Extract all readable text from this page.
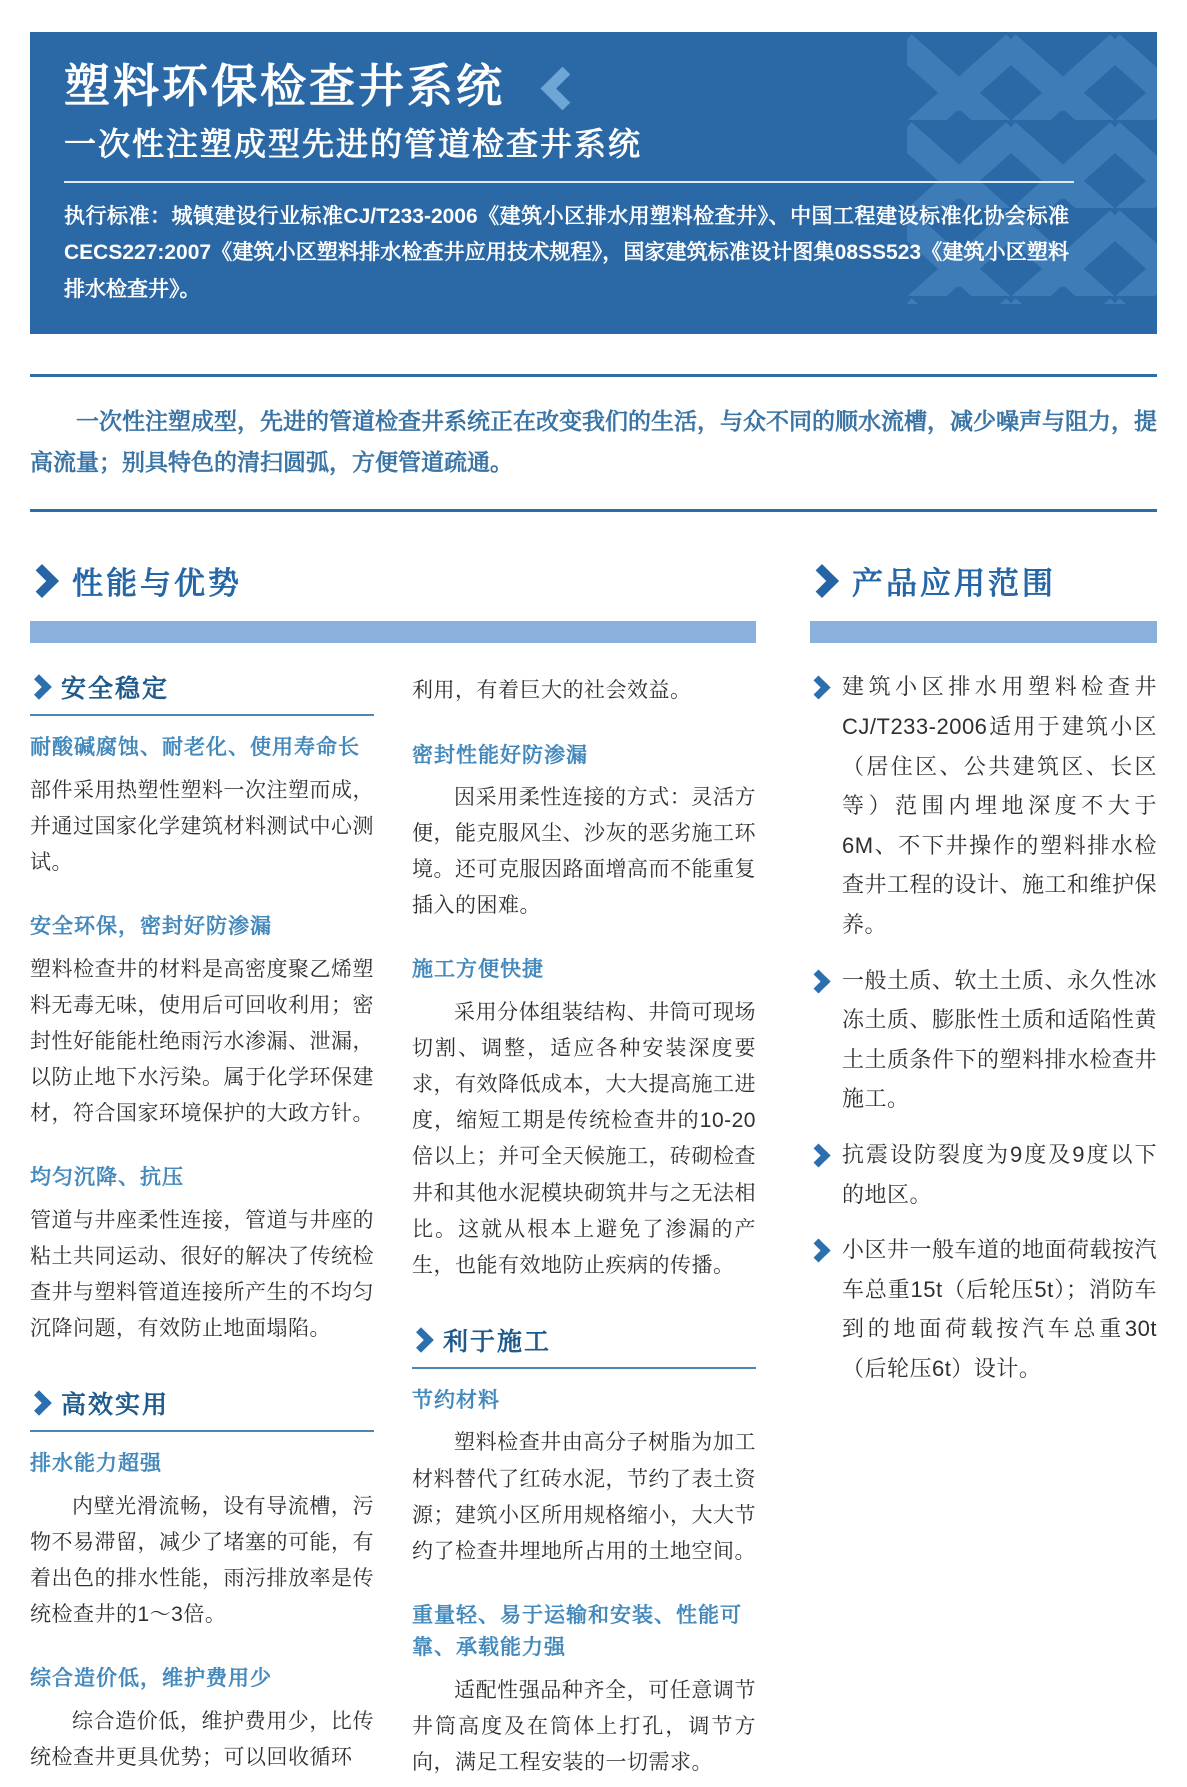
塑料环保检查井系统
一次性注塑成型先进的管道检查井系统

执行标准：城镇建设行业标准CJ/T233-2006《建筑小区排水用塑料检查井》、中国工程建设标准化协会标准CECS227:2007《建筑小区塑料排水检查井应用技术规程》，国家建筑标准设计图集08SS523《建筑小区塑料排水检查井》。

一次性注塑成型，先进的管道检查井系统正在改变我们的生活，与众不同的顺水流槽，减少噪声与阻力，提高流量；别具特色的清扫圆弧，方便管道疏通。

性能与优势
安全稳定
耐酸碱腐蚀、耐老化、使用寿命长

部件采用热塑性塑料一次注塑而成，并通过国家化学建筑材料测试中心测试。

安全环保，密封好防渗漏

塑料检查井的材料是高密度聚乙烯塑料无毒无味，使用后可回收利用；密封性好能能杜绝雨污水渗漏、泄漏，以防止地下水污染。属于化学环保建材，符合国家环境保护的大政方针。

均匀沉降、抗压

管道与井座柔性连接，管道与井座的粘土共同运动、很好的解决了传统检查井与塑料管道连接所产生的不均匀沉降问题，有效防止地面塌陷。

高效实用
排水能力超强

内壁光滑流畅，设有导流槽，污物不易滞留，减少了堵塞的可能，有着出色的排水性能，雨污排放率是传统检查井的1～3倍。

综合造价低，维护费用少

综合造价低，维护费用少，比传统检查井更具优势；可以回收循环

利用，有着巨大的社会效益。

密封性能好防渗漏

因采用柔性连接的方式：灵活方便，能克服风尘、沙灰的恶劣施工环境。还可克服因路面增高而不能重复插入的困难。

施工方便快捷

采用分体组装结构、井筒可现场切割、调整，适应各种安装深度要求，有效降低成本，大大提高施工进度，缩短工期是传统检查井的10-20倍以上；并可全天候施工，砖砌检查井和其他水泥模块砌筑井与之无法相比。这就从根本上避免了渗漏的产生，也能有效地防止疾病的传播。

利于施工
节约材料

塑料检查井由高分子树脂为加工材料替代了红砖水泥，节约了表土资源；建筑小区所用规格缩小，大大节约了检查井埋地所占用的土地空间。

重量轻、易于运输和安装、性能可靠、承载能力强

适配性强品种齐全，可任意调节井筒高度及在筒体上打孔，调节方向，满足工程安装的一切需求。

产品应用范围

建筑小区排水用塑料检查井CJ/T233-2006适用于建筑小区（居住区、公共建筑区、长区等）范围内埋地深度不大于6M、不下井操作的塑料排水检查井工程的设计、施工和维护保养。

一般土质、软土土质、永久性冰冻土质、膨胀性土质和适陷性黄土土质条件下的塑料排水检查井施工。

抗震设防裂度为9度及9度以下的地区。

小区井一般车道的地面荷载按汽车总重15t（后轮压5t）；消防车到的地面荷载按汽车总重30t（后轮压6t）设计。
